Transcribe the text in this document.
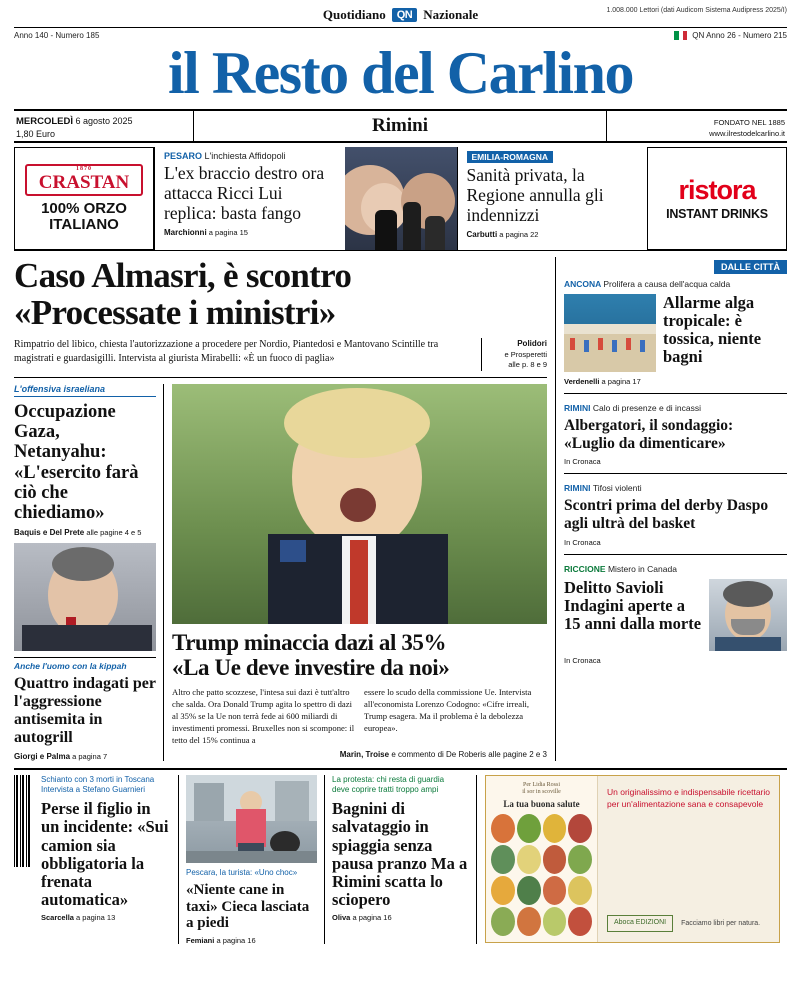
Quotidiano	QN Nazionale	1.008.000 Lettori (dati Audicom Sistema Audipress 2025/I)
Anno 140 - Numero 185	QN Anno 26 - Numero 215
il Resto del Carlino
MERCOLEDÌ 6 agosto 2025
1,80 Euro	Rimini	FONDATO NEL 1885
www.ilrestodelcarlino.it
1870
CRASTAN
100% ORZO
ITALIANO
PESARO L'inchiesta Affidopoli
L'ex braccio destro ora attacca Ricci Lui replica: basta fango
Marchionni a pagina 15
EMILIA-ROMAGNA
Sanità privata, la Regione annulla gli indennizzi
Carbutti a pagina 22
ristora
INSTANT DRINKS
Caso Almasri, è scontro
«Processate i ministri»
Rimpatrio del libico, chiesta l'autorizzazione a procedere per Nordio, Piantedosi e Mantovano Scintille tra magistrati e guardasigilli. Intervista al giurista Mirabelli: «È un fuoco di paglia»
Polidori
e Prosperetti
alle p. 8 e 9
L'offensiva israeliana
Occupazione Gaza, Netanyahu: «L'esercito farà ciò che chiediamo»
Baquis e Del Prete alle pagine 4 e 5
Anche l'uomo con la kippah
Quattro indagati per l'aggressione antisemita in autogrill
Giorgi e Palma a pagina 7
Trump minaccia dazi al 35%
«La Ue deve investire da noi»
Altro che patto scozzese, l'intesa sui dazi è tutt'altro che salda. Ora Donald Trump agita lo spettro di dazi al 35% se la Ue non terrà fede ai 600 miliardi di investimenti promessi. Bruxelles non si scompone: il tetto del 15% continua a
essere lo scudo della commissione Ue. Intervista all'economista Lorenzo Codogno: «Cifre irreali, Trump esagera. Ma il problema è la debolezza europea».
Marin, Troise e commento di De Roberis alle pagine 2 e 3
DALLE CITTÀ
ANCONA Prolifera a causa dell'acqua calda
Allarme alga tropicale: è tossica, niente bagni
Verdenelli a pagina 17
RIMINI Calo di presenze e di incassi
Albergatori, il sondaggio: «Luglio da dimenticare»
In Cronaca
RIMINI Tifosi violenti
Scontri prima del derby Daspo agli ultrà del basket
In Cronaca
RICCIONE Mistero in Canada
Delitto Savioli Indagini aperte a 15 anni dalla morte
In Cronaca
Schianto con 3 morti in Toscana
Intervista a Stefano Guarnieri
Perse il figlio in un incidente: «Sui camion sia obbligatoria la frenata automatica»
Scarcella a pagina 13
Pescara, la turista: «Uno choc»
«Niente cane in taxi» Cieca lasciata a piedi
Femiani a pagina 16
La protesta: chi resta di guardia
deve coprire tratti troppo ampi
Bagnini di salvataggio in spiaggia senza pausa pranzo Ma a Rimini scatta lo sciopero
Oliva a pagina 16
Per Lidia Rossi
il sor in scoville
La tua buona salute
Un originalissimo e indispensabile ricettario per un'alimentazione sana e consapevole
Aboca EDIZIONI	Facciamo libri per natura.
